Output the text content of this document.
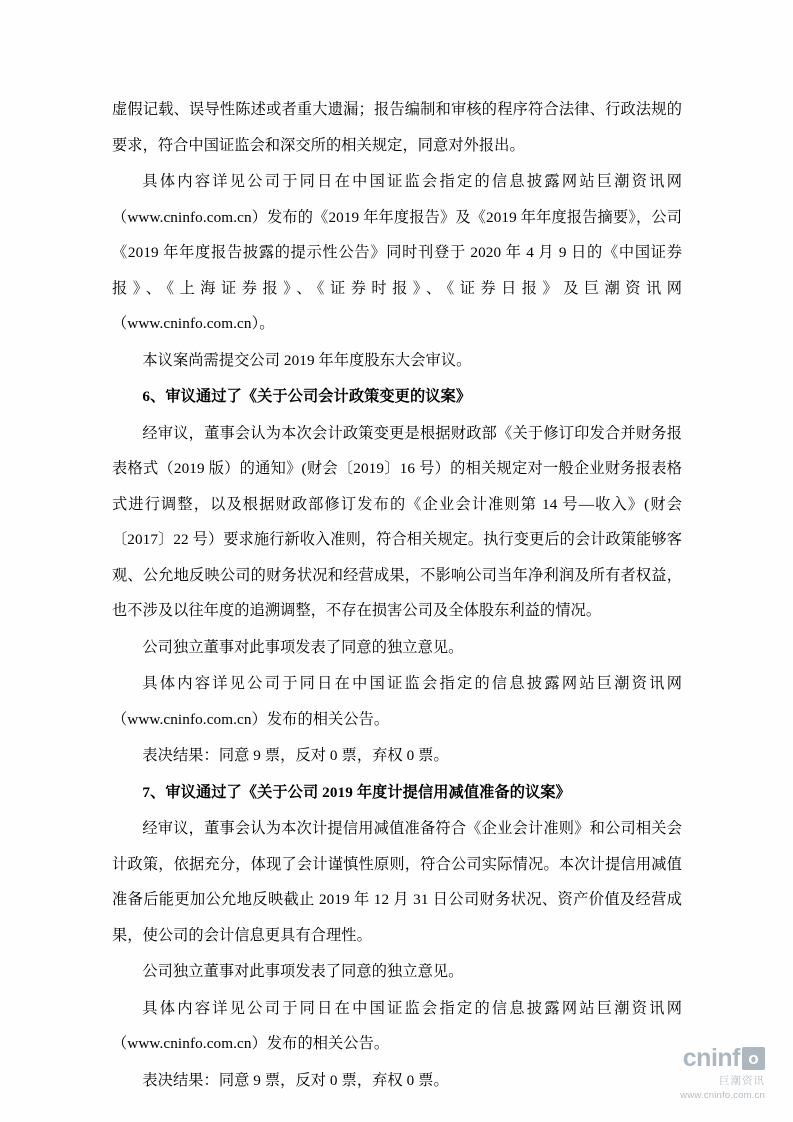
虚假记载、误导性陈述或者重大遗漏；报告编制和审核的程序符合法律、行政法规的要求，符合中国证监会和深交所的相关规定，同意对外报出。

具体内容详见公司于同日在中国证监会指定的信息披露网站巨潮资讯网（www.cninfo.com.cn）发布的《2019 年年度报告》及《2019 年年度报告摘要》，公司《2019 年年度报告披露的提示性公告》同时刊登于 2020 年 4 月 9 日的《中国证券报》、《上海证券报》、《证券时报》、《证券日报》及巨潮资讯网（www.cninfo.com.cn）。

本议案尚需提交公司 2019 年年度股东大会审议。

6、审议通过了《关于公司会计政策变更的议案》

经审议，董事会认为本次会计政策变更是根据财政部《关于修订印发合并财务报表格式（2019 版）的通知》(财会〔2019〕16 号）的相关规定对一般企业财务报表格式进行调整，以及根据财政部修订发布的《企业会计准则第 14 号—收入》(财会〔2017〕22 号）要求施行新收入准则，符合相关规定。执行变更后的会计政策能够客观、公允地反映公司的财务状况和经营成果，不影响公司当年净利润及所有者权益，也不涉及以往年度的追溯调整，不存在损害公司及全体股东利益的情况。

公司独立董事对此事项发表了同意的独立意见。

具体内容详见公司于同日在中国证监会指定的信息披露网站巨潮资讯网（www.cninfo.com.cn）发布的相关公告。

表决结果：同意 9 票，反对 0 票，弃权 0 票。

7、审议通过了《关于公司 2019 年度计提信用减值准备的议案》

经审议，董事会认为本次计提信用减值准备符合《企业会计准则》和公司相关会计政策，依据充分，体现了会计谨慎性原则，符合公司实际情况。本次计提信用减值准备后能更加公允地反映截止 2019 年 12 月 31 日公司财务状况、资产价值及经营成果，使公司的会计信息更具有合理性。

公司独立董事对此事项发表了同意的独立意见。

具体内容详见公司于同日在中国证监会指定的信息披露网站巨潮资讯网（www.cninfo.com.cn）发布的相关公告。

表决结果：同意 9 票，反对 0 票，弃权 0 票。

cninf o
巨潮资讯
www.cninfo.com.cn
